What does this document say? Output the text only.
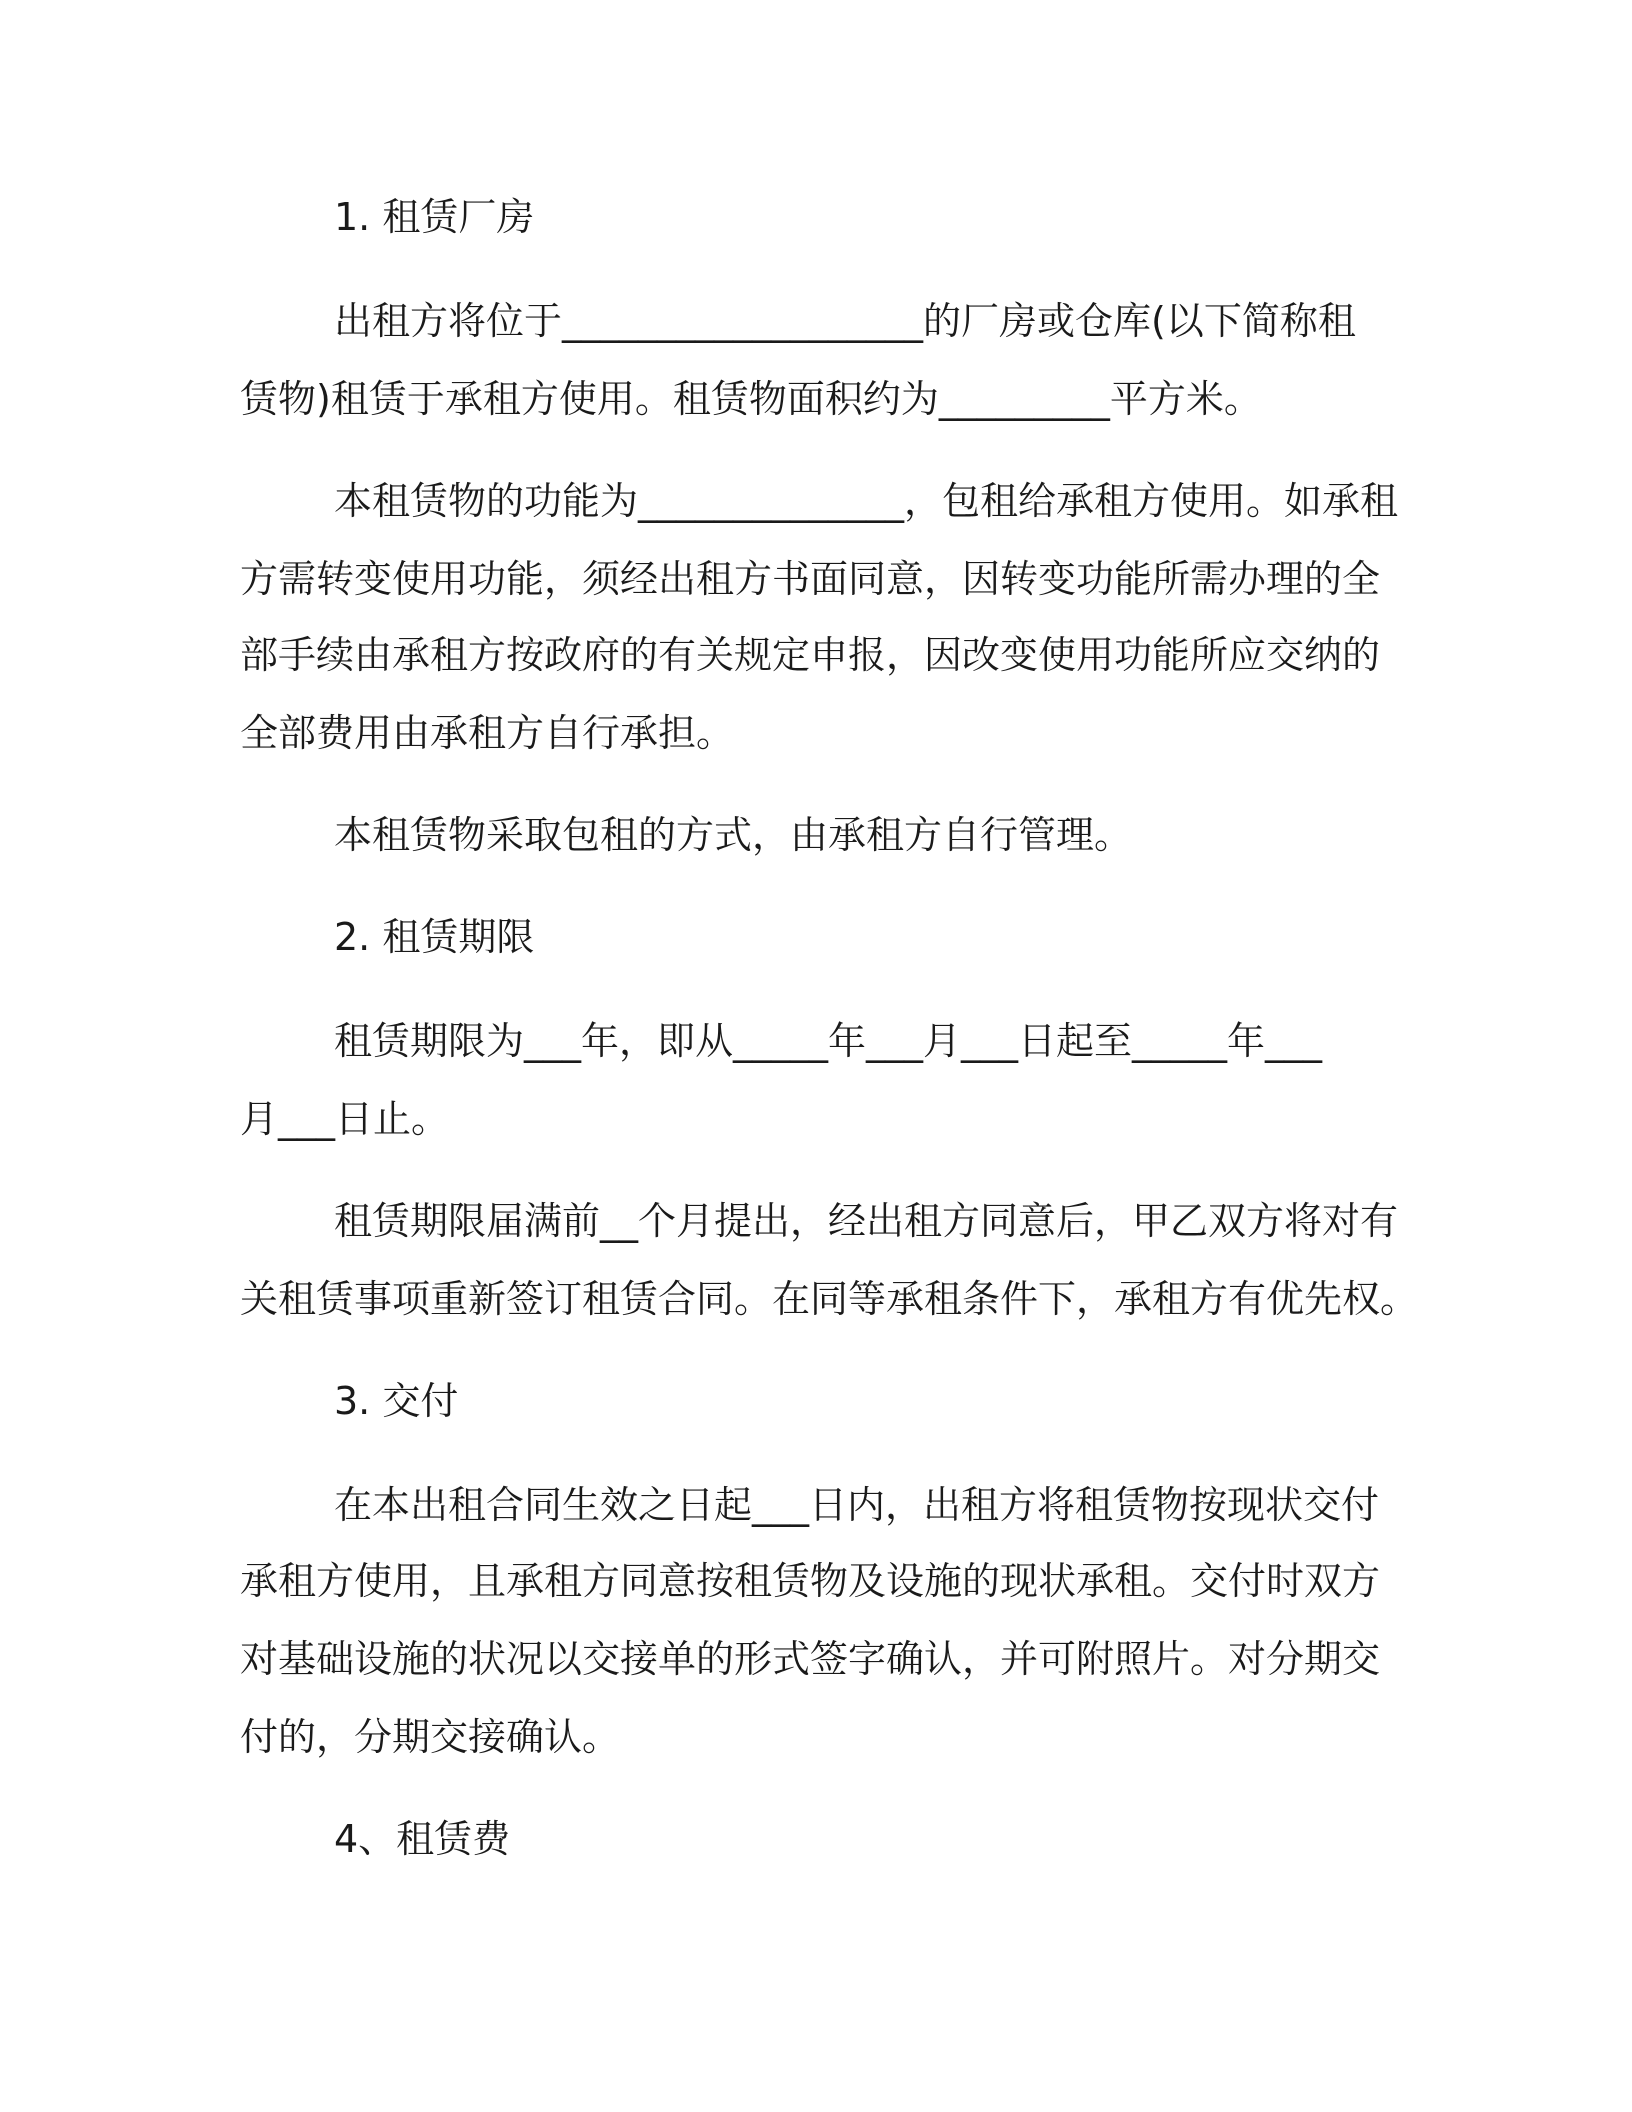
1. 租赁厂房
出租方将位于___________________的厂房或仓库(以下简称租
赁物)租赁于承租方使用。租赁物面积约为_________平方米。
本租赁物的功能为______________，包租给承租方使用。如承租
方需转变使用功能，须经出租方书面同意，因转变功能所需办理的全
部手续由承租方按政府的有关规定申报，因改变使用功能所应交纳的
全部费用由承租方自行承担。
本租赁物采取包租的方式，由承租方自行管理。
2. 租赁期限
租赁期限为___年，即从_____年___月___日起至_____年___
月___日止。
租赁期限届满前__个月提出，经出租方同意后，甲乙双方将对有
关租赁事项重新签订租赁合同。在同等承租条件下，承租方有优先权。
3. 交付
在本出租合同生效之日起___日内，出租方将租赁物按现状交付
承租方使用，且承租方同意按租赁物及设施的现状承租。交付时双方
对基础设施的状况以交接单的形式签字确认，并可附照片。对分期交
付的，分期交接确认。
4、租赁费
